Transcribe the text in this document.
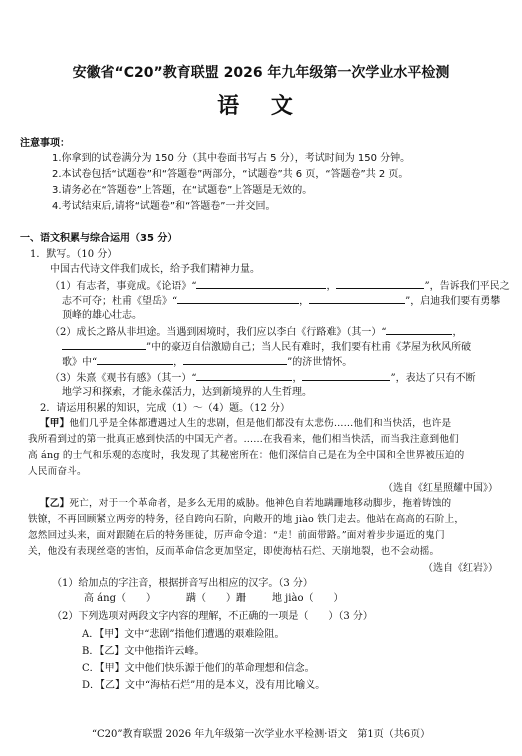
安徽省“C20”教育联盟 2026 年九年级第一次学业水平检测
语 文
注意事项：
1.你拿到的试卷满分为 150 分（其中卷面书写占 5 分），考试时间为 150 分钟。
2.本试卷包括“试题卷”和“答题卷”两部分，“试题卷”共 6 页，“答题卷”共 2 页。
3.请务必在“答题卷”上答题，在“试题卷”上答题是无效的。
4.考试结束后,请将“试题卷”和“答题卷”一并交回。
一、语文积累与综合运用（35 分）
1．默写。（10 分）
中国古代诗文伴我们成长，给予我们精神力量。
（1）有志者，事竟成。《论语》“	，	”，告诉我们平民之
志不可夺；杜甫《望岳》“	，	”，启迪我们要有勇攀
顶峰的雄心壮志。
（2）成长之路从非坦途。当遇到困境时，我们应以李白《行路难》（其一）“	，
”中的豪迈自信激励自己；当人民有难时，我们要有杜甫《茅屋为秋风所破
歌》中“	，	”的济世情怀。
（3）朱熹《观书有感》（其一）“	，	”，表达了只有不断
地学习和探索，才能永葆活力，达到新境界的人生哲理。
2．请运用积累的知识，完成（1）～（4）题。（12 分）
【甲】他们几乎是全体都遭遇过人生的悲剧，但是他们都没有太悲伤……他们和当快活，也许是
我所看到过的第一批真正感到快活的中国无产者。……在我看来，他们相当快活，而当我注意到他们
高 áng 的士气和乐观的态度时，我发现了其秘密所在：他们深信自己是在为全中国和全世界被压迫的
人民而奋斗。
（选自《红星照耀中国》）
【乙】死亡，对于一个革命者，是多么无用的威胁。他神色自若地蹒跚地移动脚步，拖着铸蚀的
铁镣，不再回顾紧立两旁的特务，径自跨向石阶，向敞开的地 jiào 铁门走去。他站在高高的石阶上，
忽然回过头来，面对跟随在后的特务匪徒，厉声命令道：“走！前面带路。”面对着步步逼近的鬼门
关，他没有表现丝毫的害怕，反而革命信念更加坚定，即使海枯石烂、天崩地裂，也不会动摇。
（选自《红岩》）
（1）给加点的字注音，根据拼音写出相应的汉字。（3 分）
高 áng（　　）	蹒（　　）跚	地 jiào（　　）
（2）下列选项对两段文字内容的理解，不正确的一项是（　　）（3 分）
A．【甲】文中“悲剧”指他们遭遇的艰难险阻。
B．【乙】文中他指许云峰。
C．【甲】文中他们快乐源于他们的革命理想和信念。
D．【乙】文中“海枯石烂”用的是本义，没有用比喻义。
“C20”教育联盟 2026 年九年级第一次学业水平检测·语文　第1页（共6页）
